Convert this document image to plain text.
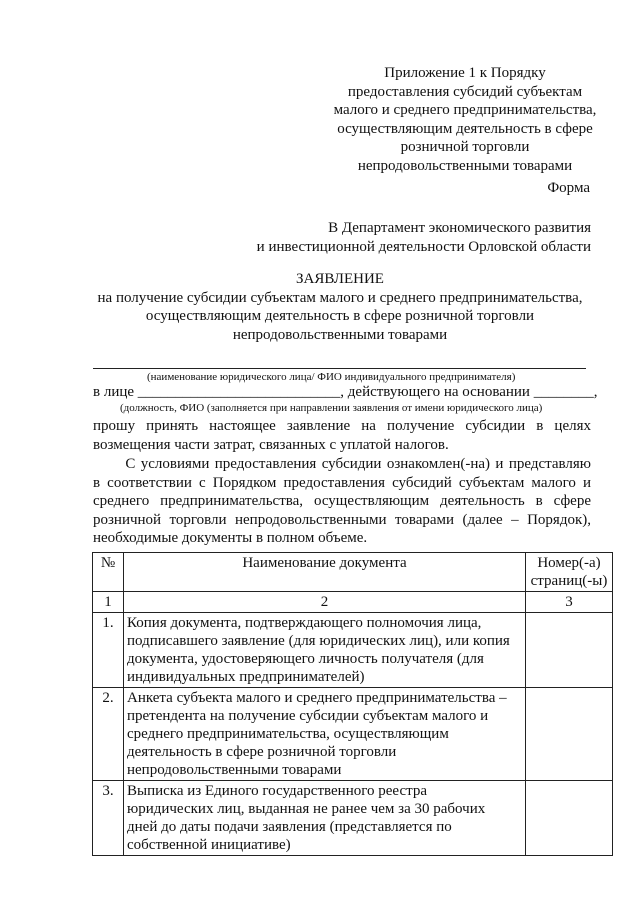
Приложение 1 к Порядку
предоставления субсидий субъектам
малого и среднего предпринимательства,
осуществляющим деятельность в сфере
розничной торговли
непродовольственными товарами
Форма
В Департамент экономического развития
и инвестиционной деятельности Орловской области
ЗАЯВЛЕНИЕ
на получение субсидии субъектам малого и среднего предпринимательства,
осуществляющим деятельность в сфере розничной торговли
непродовольственными товарами
(наименование юридического лица/ ФИО индивидуального предпринимателя)
в лице ___________________________, действующего на основании ________,
(должность, ФИО (заполняется при направлении заявления от имени юридического лица)
прошу принять настоящее заявление на получение субсидии в целях
возмещения части затрат, связанных с уплатой налогов.
С условиями предоставления субсидии ознакомлен(-на) и представляю
в соответствии с Порядком предоставления субсидий субъектам малого и
среднего предпринимательства, осуществляющим деятельность в сфере
розничной торговли непродовольственными товарами (далее – Порядок),
необходимые документы в полном объеме.
№	Наименование документа	Номер(-а)
страниц(-ы)

1	2	3
1.	Копия документа, подтверждающего полномочия лица,
подписавшего заявление (для юридических лиц), или копия
документа, удостоверяющего личность получателя (для
индивидуальных предпринимателей)	

2.	Анкета субъекта малого и среднего предпринимательства –
претендента на получение субсидии субъектам малого и
среднего предпринимательства, осуществляющим
деятельность в сфере розничной торговли
непродовольственными товарами	

3.	Выписка из Единого государственного реестра
юридических лиц, выданная не ранее чем за 30 рабочих
дней до даты подачи заявления (представляется по
собственной инициативе)	
